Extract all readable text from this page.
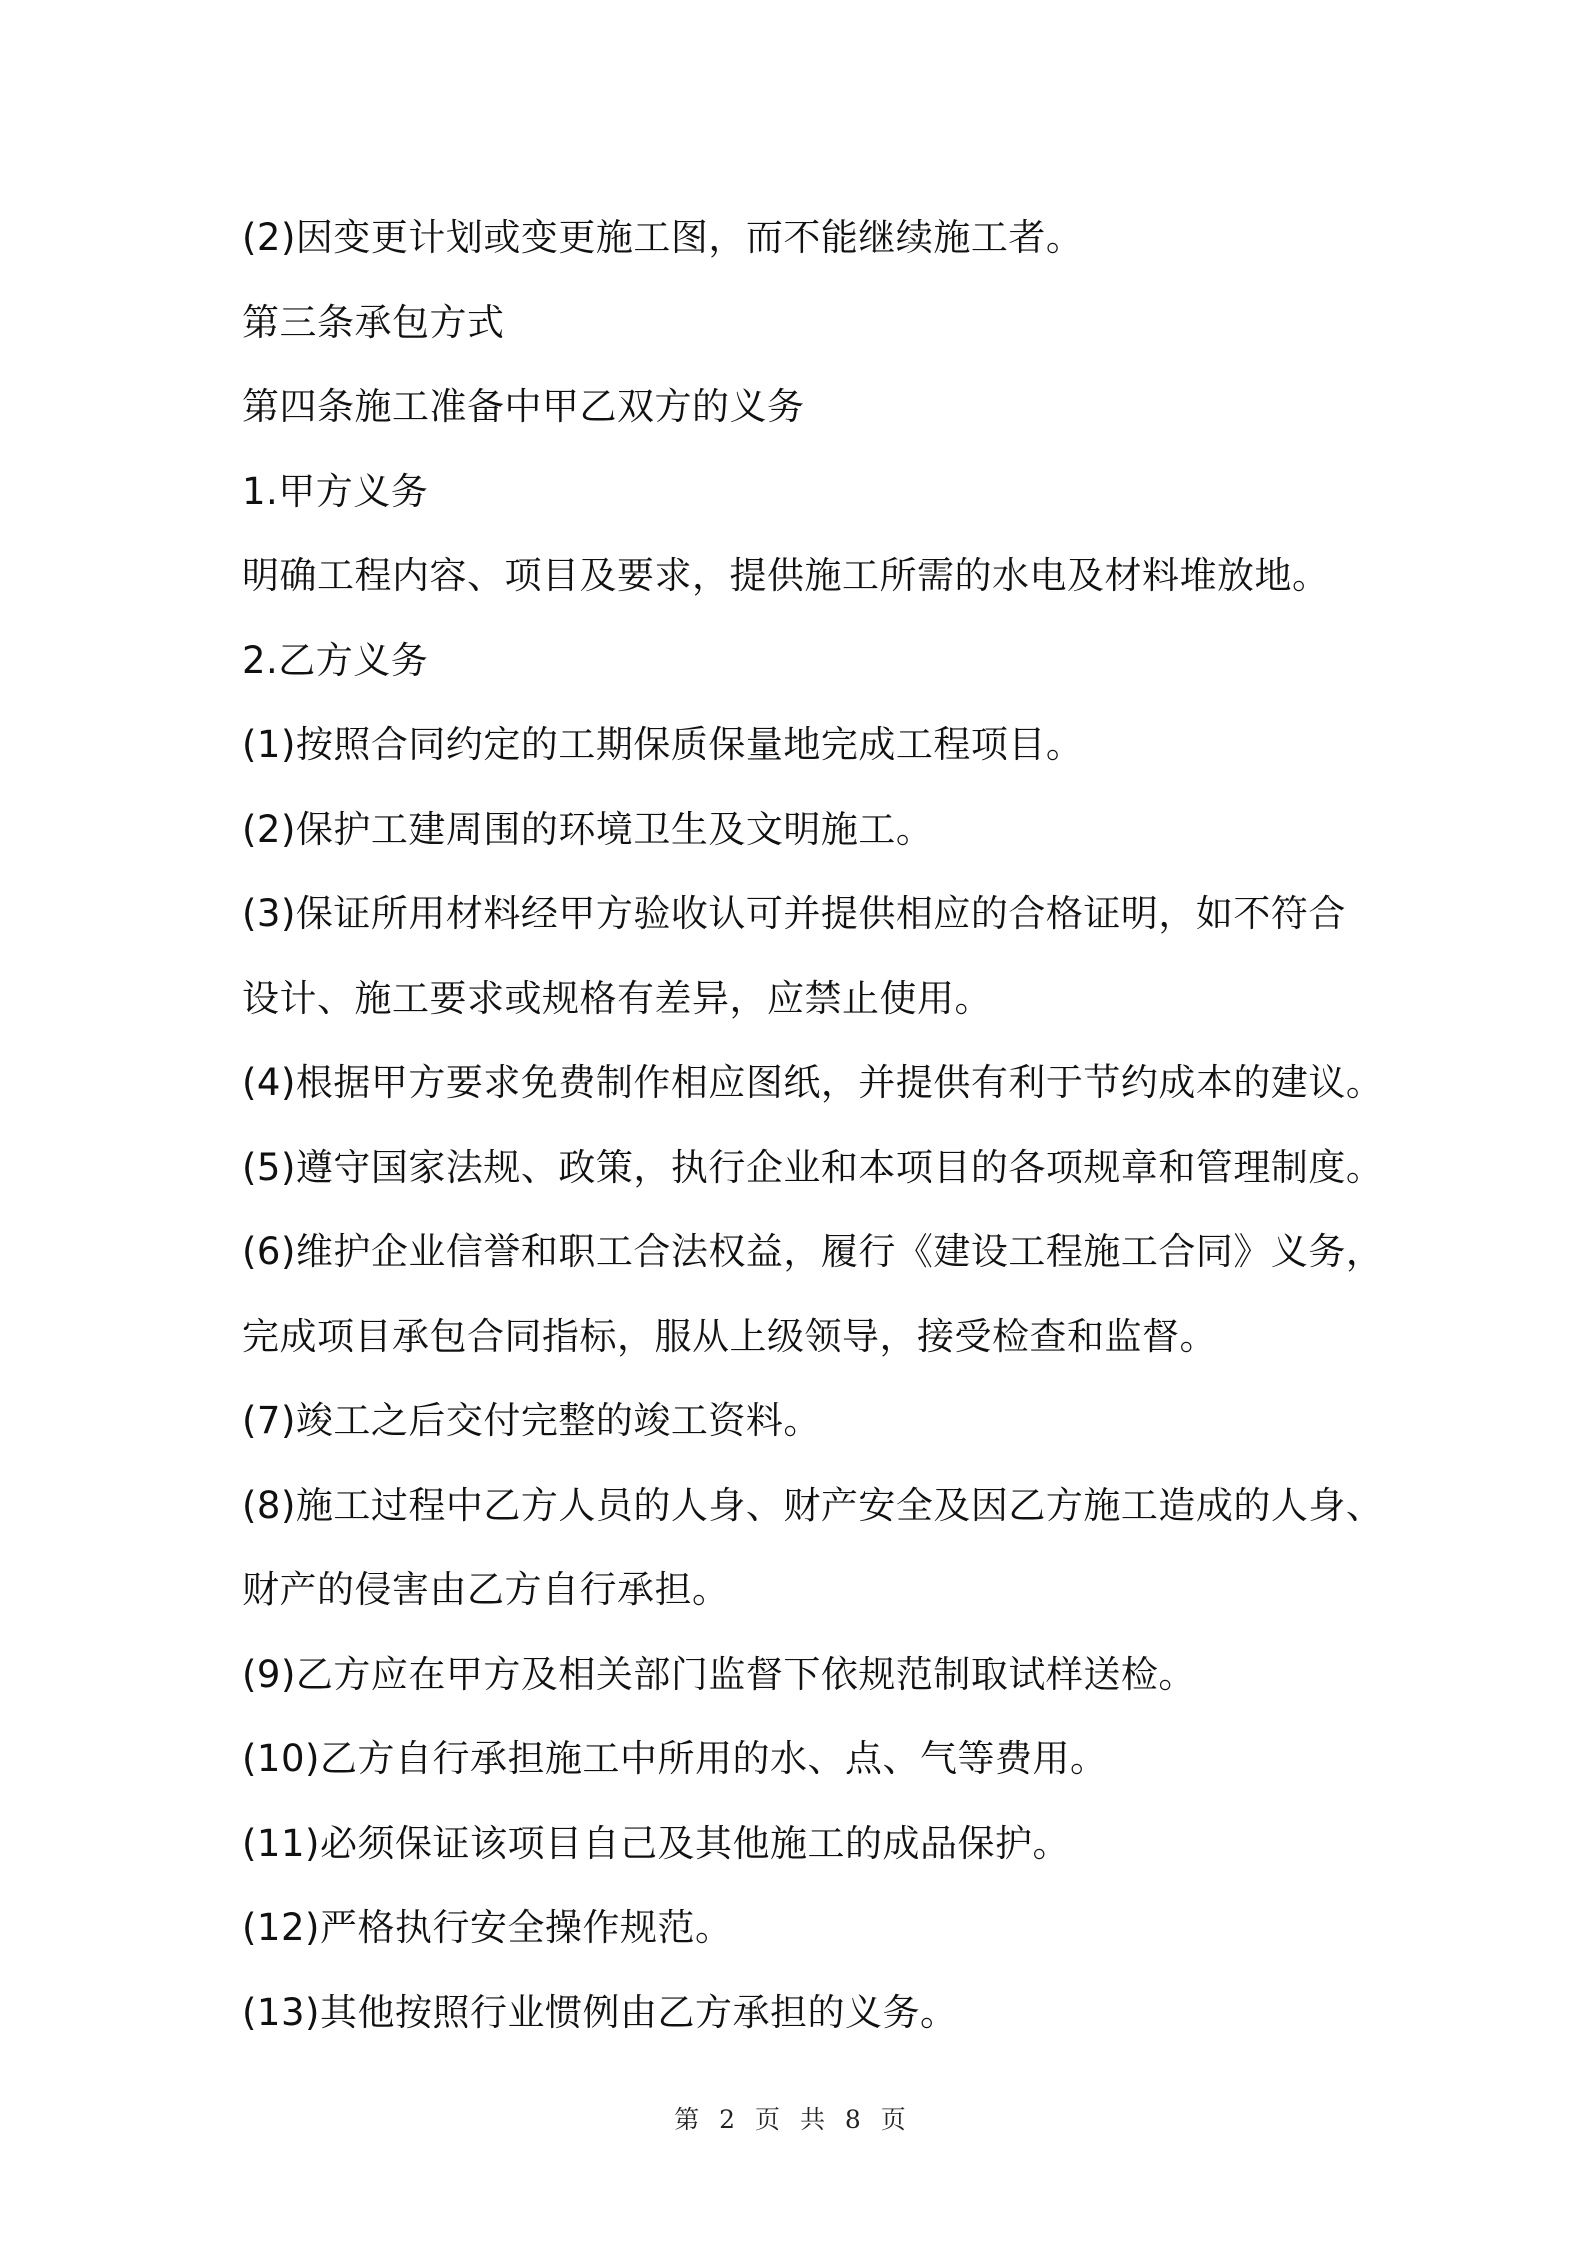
(2)因变更计划或变更施工图，而不能继续施工者。
第三条承包方式
第四条施工准备中甲乙双方的义务
1.甲方义务
明确工程内容、项目及要求，提供施工所需的水电及材料堆放地。
2.乙方义务
(1)按照合同约定的工期保质保量地完成工程项目。
(2)保护工建周围的环境卫生及文明施工。
(3)保证所用材料经甲方验收认可并提供相应的合格证明，如不符合
设计、施工要求或规格有差异，应禁止使用。
(4)根据甲方要求免费制作相应图纸，并提供有利于节约成本的建议。
(5)遵守国家法规、政策，执行企业和本项目的各项规章和管理制度。
(6)维护企业信誉和职工合法权益，履行《建设工程施工合同》义务，
完成项目承包合同指标，服从上级领导，接受检查和监督。
(7)竣工之后交付完整的竣工资料。
(8)施工过程中乙方人员的人身、财产安全及因乙方施工造成的人身、
财产的侵害由乙方自行承担。
(9)乙方应在甲方及相关部门监督下依规范制取试样送检。
(10)乙方自行承担施工中所用的水、点、气等费用。
(11)必须保证该项目自己及其他施工的成品保护。
(12)严格执行安全操作规范。
(13)其他按照行业惯例由乙方承担的义务。
第 2 页 共 8 页
